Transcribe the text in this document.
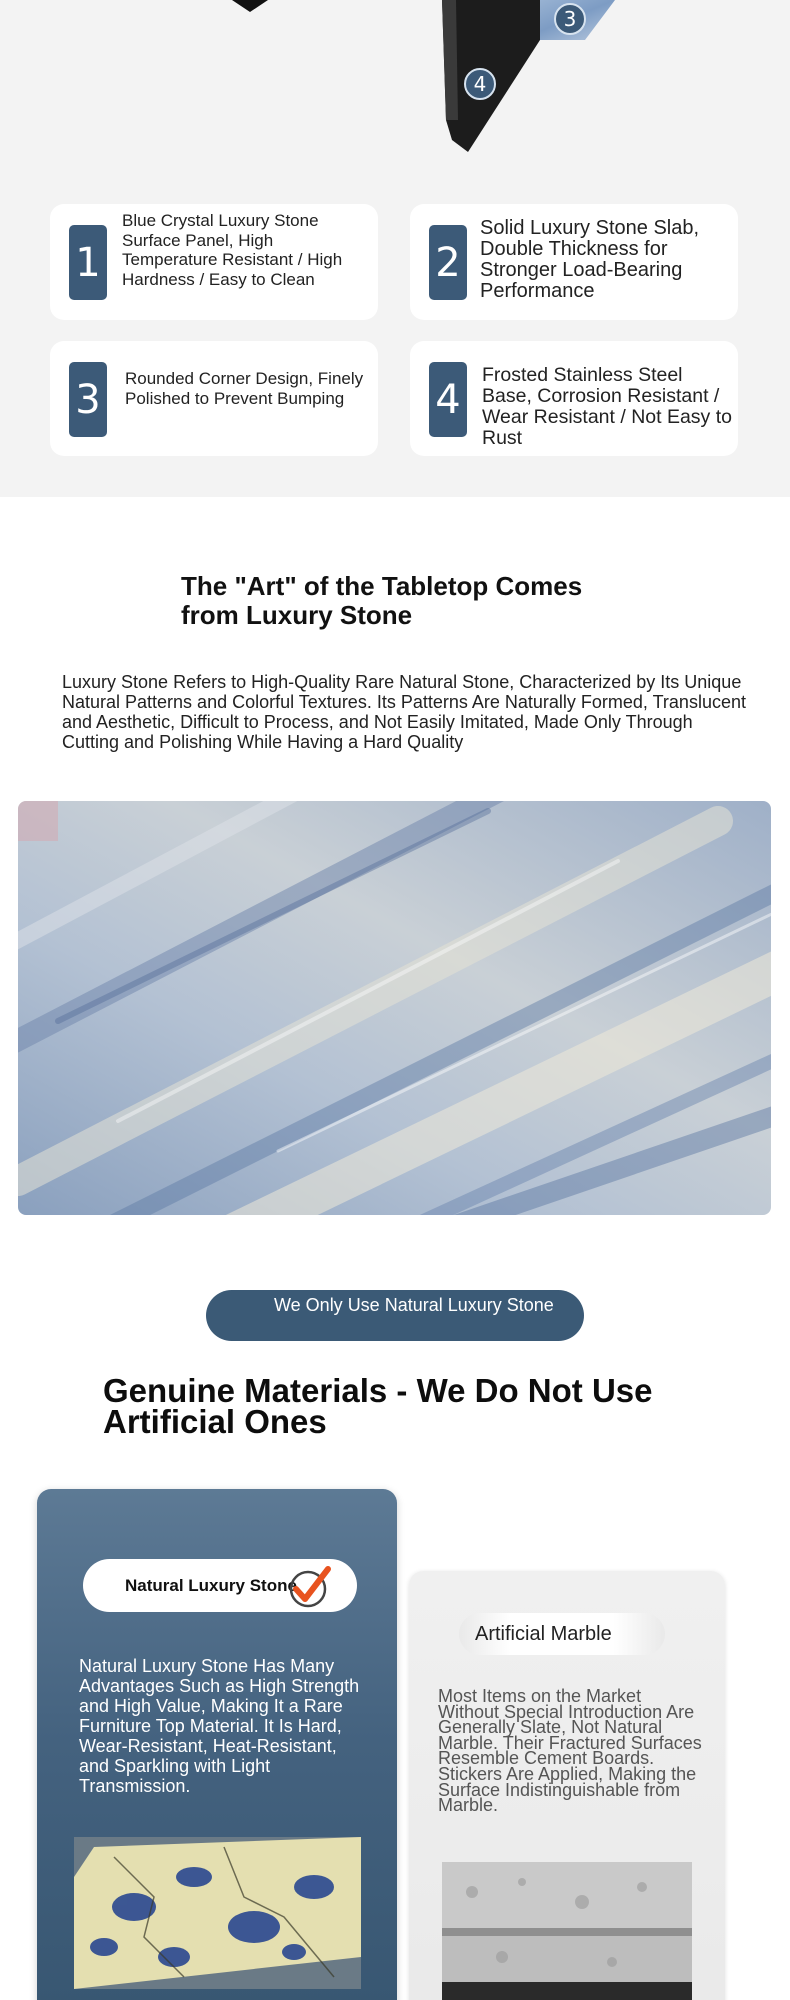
3
4
1
Blue Crystal Luxury Stone Surface Panel, High Temperature Resistant / High Hardness / Easy to Clean	2
Solid Luxury Stone Slab, Double Thickness for Stronger Load-Bearing Performance
3	Rounded Corner Design, Finely Polished to Prevent Bumping	4
Frosted Stainless Steel Base, Corrosion Resistant / Wear Resistant / Not Easy to Rust
The "Art" of the Tabletop Comes from Luxury Stone
Luxury Stone Refers to High-Quality Rare Natural Stone, Characterized by Its Unique Natural Patterns and Colorful Textures. Its Patterns Are Naturally Formed, Translucent and Aesthetic, Difficult to Process, and Not Easily Imitated, Made Only Through Cutting and Polishing While Having a Hard Quality
We Only Use Natural Luxury Stone
Genuine Materials - We Do Not Use Artificial Ones
Natural Luxury Stone
Natural Luxury Stone Has Many Advantages Such as High Strength and High Value, Making It a Rare Furniture Top Material. It Is Hard, Wear-Resistant, Heat-Resistant, and Sparkling with Light Transmission.
Artificial Marble
Most Items on the Market Without Special Introduction Are Generally Slate, Not Natural Marble. Their Fractured Surfaces Resemble Cement Boards. Stickers Are Applied, Making the Surface Indistinguishable from Marble.
